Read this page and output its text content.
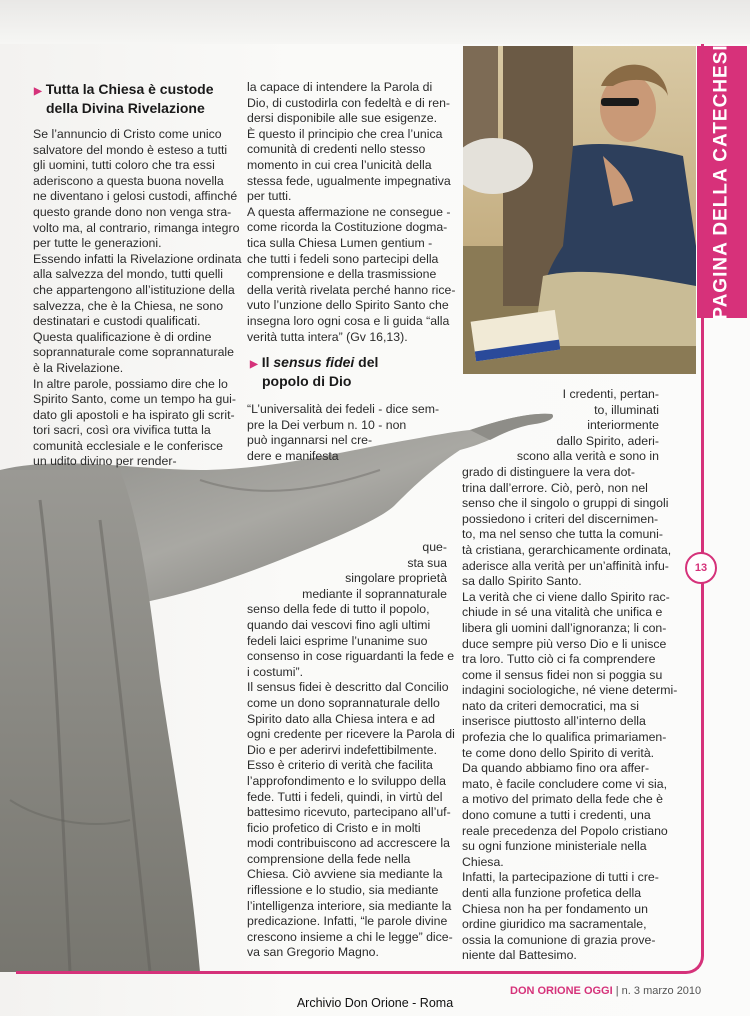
PAGINA DELLA CATECHESI
13
▶ Tutta la Chiesa è custode
della Divina Rivelazione
Se l’annuncio di Cristo come unico
salvatore del mondo è esteso a tutti
gli uomini, tutti coloro che tra essi
aderiscono a questa buona novella
ne diventano i gelosi custodi, affinché
questo grande dono non venga stra-
volto ma, al contrario, rimanga integro
per tutte le generazioni.
Essendo infatti la Rivelazione ordinata
alla salvezza del mondo, tutti quelli
che appartengono all’istituzione della
salvezza, che è la Chiesa, ne sono
destinatari e custodi qualificati.
Questa qualificazione è di ordine
soprannaturale come soprannaturale
è la Rivelazione.
In altre parole, possiamo dire che lo
Spirito Santo, come un tempo ha gui-
dato gli apostoli e ha ispirato gli scrit-
tori sacri, così ora vivifica tutta la
comunità ecclesiale e le conferisce
un udito divino per render-
la capace di intendere la Parola di
Dio, di custodirla con fedeltà e di ren-
dersi disponibile alle sue esigenze.
È questo il principio che crea l’unica
comunità di credenti nello stesso
momento in cui crea l’unicità della
stessa fede, ugualmente impegnativa
per tutti.
A questa affermazione ne consegue -
come ricorda la Costituzione dogma-
tica sulla Chiesa Lumen gentium -
che tutti i fedeli sono partecipi della
comprensione e della trasmissione
della verità rivelata perché hanno rice-
vuto l’unzione dello Spirito Santo che
insegna loro ogni cosa e li guida “alla
verità tutta intera” (Gv 16,13).
▶ Il sensus fidei del
popolo di Dio
“L’universalità dei fedeli - dice sem-
pre la Dei verbum n. 10 - non
può ingannarsi nel cre-
dere e manifesta
que-
sta sua
singolare proprietà
mediante il soprannaturale
senso della fede di tutto il popolo,
quando dai vescovi fino agli ultimi
fedeli laici esprime l’unanime suo
consenso in cose riguardanti la fede e
i costumi”.
Il sensus fidei è descritto dal Concilio
come un dono soprannaturale dello
Spirito dato alla Chiesa intera e ad
ogni credente per ricevere la Parola di
Dio e per aderirvi indefettibilmente.
Esso è criterio di verità che facilita
l’approfondimento e lo sviluppo della
fede. Tutti i fedeli, quindi, in virtù del
battesimo ricevuto, partecipano all’uf-
ficio profetico di Cristo e in molti
modi contribuiscono ad accrescere la
comprensione della fede nella
Chiesa. Ciò avviene sia mediante la
riflessione e lo studio, sia mediante
l’intelligenza interiore, sia mediante la
predicazione. Infatti, “le parole divine
crescono insieme a chi le legge” dice-
va san Gregorio Magno.
I credenti, pertan-
to, illuminati
interiormente
dallo Spirito, aderi-
scono alla verità e sono in
grado di distinguere la vera dot-
trina dall’errore. Ciò, però, non nel
senso che il singolo o gruppi di singoli
possiedono i criteri del discernimen-
to, ma nel senso che tutta la comuni-
tà cristiana, gerarchicamente ordinata,
aderisce alla verità per un’affinità infu-
sa dallo Spirito Santo.
La verità che ci viene dallo Spirito rac-
chiude in sé una vitalità che unifica e
libera gli uomini dall’ignoranza; li con-
duce sempre più verso Dio e li unisce
tra loro. Tutto ciò ci fa comprendere
come il sensus fidei non si poggia su
indagini sociologiche, né viene determi-
nato da criteri democratici, ma si
inserisce piuttosto all’interno della
profezia che lo qualifica primariamen-
te come dono dello Spirito di verità.
Da quando abbiamo fino ora affer-
mato, è facile concludere come vi sia,
a motivo del primato della fede che è
dono comune a tutti i credenti, una
reale precedenza del Popolo cristiano
su ogni funzione ministeriale nella
Chiesa.
Infatti, la partecipazione di tutti i cre-
denti alla funzione profetica della
Chiesa non ha per fondamento un
ordine giuridico ma sacramentale,
ossia la comunione di grazia prove-
niente dal Battesimo.
DON ORIONE OGGI | n. 3 marzo 2010
Archivio Don Orione - Roma
